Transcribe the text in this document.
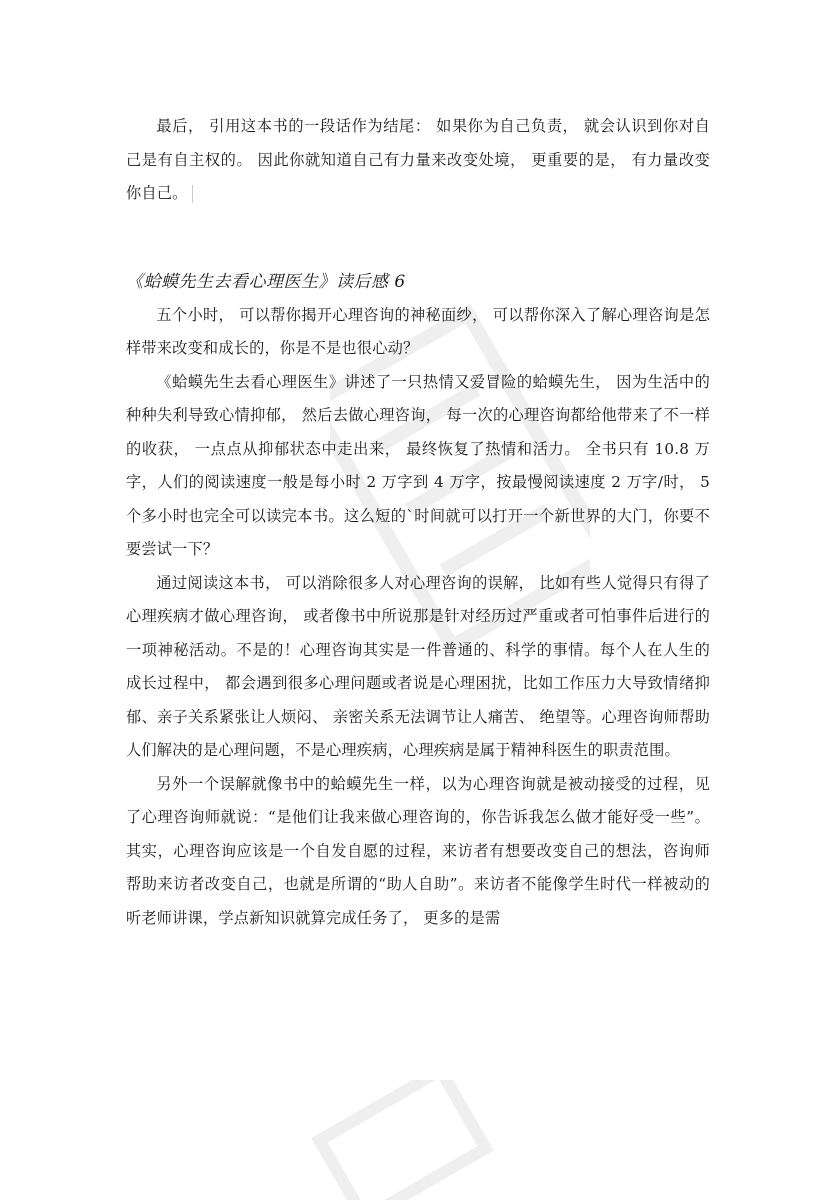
最后， 引用这本书的一段话作为结尾： 如果你为自己负责， 就会认识到你对自己是有自主权的。 因此你就知道自己有力量来改变处境， 更重要的是， 有力量改变你自己。

《蛤蟆先生去看心理医生》读后感 6

五个小时， 可以帮你揭开心理咨询的神秘面纱， 可以帮你深入了解心理咨询是怎样带来改变和成长的，你是不是也很心动？

《蛤蟆先生去看心理医生》讲述了一只热情又爱冒险的蛤蟆先生， 因为生活中的种种失利导致心情抑郁， 然后去做心理咨询， 每一次的心理咨询都给他带来了不一样的收获， 一点点从抑郁状态中走出来， 最终恢复了热情和活力。 全书只有 10.8 万字，人们的阅读速度一般是每小时 2 万字到 4 万字，按最慢阅读速度 2 万字/时， 5 个多小时也完全可以读完本书。这么短的`时间就可以打开一个新世界的大门，你要不要尝试一下？

通过阅读这本书， 可以消除很多人对心理咨询的误解， 比如有些人觉得只有得了心理疾病才做心理咨询， 或者像书中所说那是针对经历过严重或者可怕事件后进行的一项神秘活动。不是的！心理咨询其实是一件普通的、科学的事情。每个人在人生的成长过程中， 都会遇到很多心理问题或者说是心理困扰，比如工作压力大导致情绪抑郁、亲子关系紧张让人烦闷、 亲密关系无法调节让人痛苦、 绝望等。心理咨询师帮助人们解决的是心理问题，不是心理疾病，心理疾病是属于精神科医生的职责范围。

另外一个误解就像书中的蛤蟆先生一样，以为心理咨询就是被动接受的过程，见了心理咨询师就说：“是他们让我来做心理咨询的，你告诉我怎么做才能好受一些”。其实，心理咨询应该是一个自发自愿的过程，来访者有想要改变自己的想法，咨询师帮助来访者改变自己，也就是所谓的“助人自助”。来访者不能像学生时代一样被动的听老师讲课，学点新知识就算完成任务了， 更多的是需
